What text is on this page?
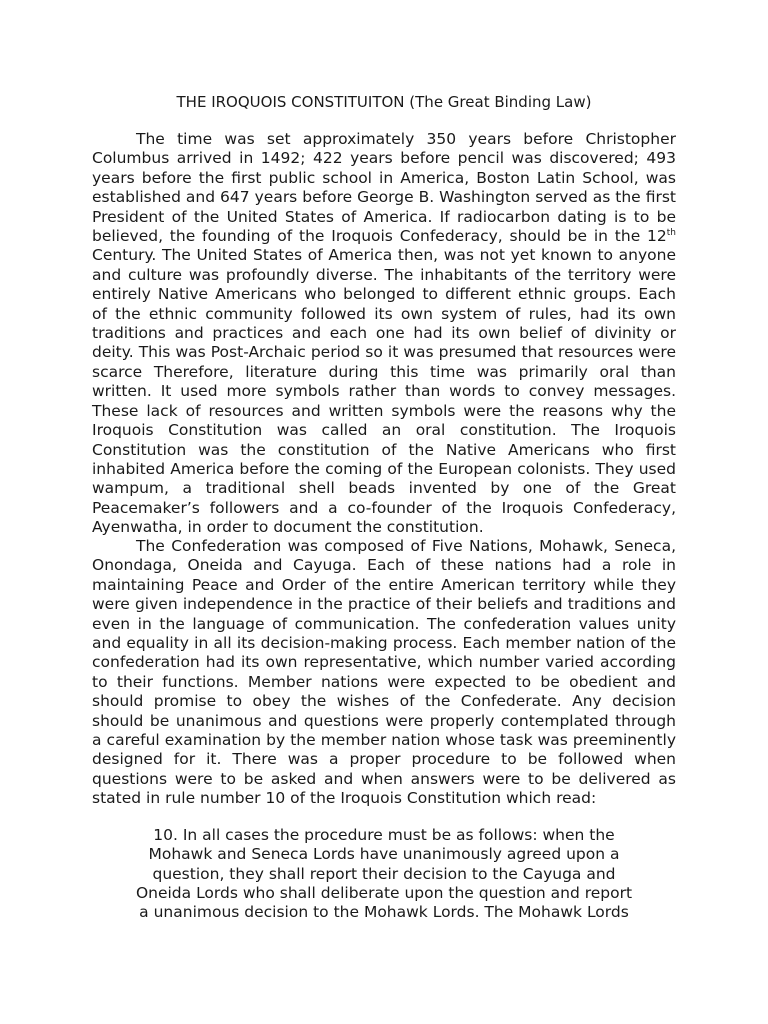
THE IROQUOIS CONSTITUITON (The Great Binding Law)

The time was set approximately 350 years before Christopher Columbus arrived in 1492; 422 years before pencil was discovered; 493 years before the first public school in America, Boston Latin School, was established and 647 years before George B. Washington served as the first President of the United States of America. If radiocarbon dating is to be believed, the founding of the Iroquois Confederacy, should be in the 12th Century. The United States of America then, was not yet known to anyone and culture was profoundly diverse. The inhabitants of the territory were entirely Native Americans who belonged to different ethnic groups. Each of the ethnic community followed its own system of rules, had its own traditions and practices and each one had its own belief of divinity or deity. This was Post-Archaic period so it was presumed that resources were scarce Therefore, literature during this time was primarily oral than written. It used more symbols rather than words to convey messages. These lack of resources and written symbols were the reasons why the Iroquois Constitution was called an oral constitution. The Iroquois Constitution was the constitution of the Native Americans who first inhabited America before the coming of the European colonists. They used wampum, a traditional shell beads invented by one of the Great Peacemaker’s followers and a co-founder of the Iroquois Confederacy, Ayenwatha, in order to document the constitution.

The Confederation was composed of Five Nations, Mohawk, Seneca, Onondaga, Oneida and Cayuga. Each of these nations had a role in maintaining Peace and Order of the entire American territory while they were given independence in the practice of their beliefs and traditions and even in the language of communication. The confederation values unity and equality in all its decision-making process. Each member nation of the confederation had its own representative, which number varied according to their functions. Member nations were expected to be obedient and should promise to obey the wishes of the Confederate. Any decision should be unanimous and questions were properly contemplated through a careful examination by the member nation whose task was preeminently designed for it. There was a proper procedure to be followed when questions were to be asked and when answers were to be delivered as stated in rule number 10 of the Iroquois Constitution which read:

10. In all cases the procedure must be as follows: when the
Mohawk and Seneca Lords have unanimously agreed upon a
question, they shall report their decision to the Cayuga and
Oneida Lords who shall deliberate upon the question and report
a unanimous decision to the Mohawk Lords. The Mohawk Lords
